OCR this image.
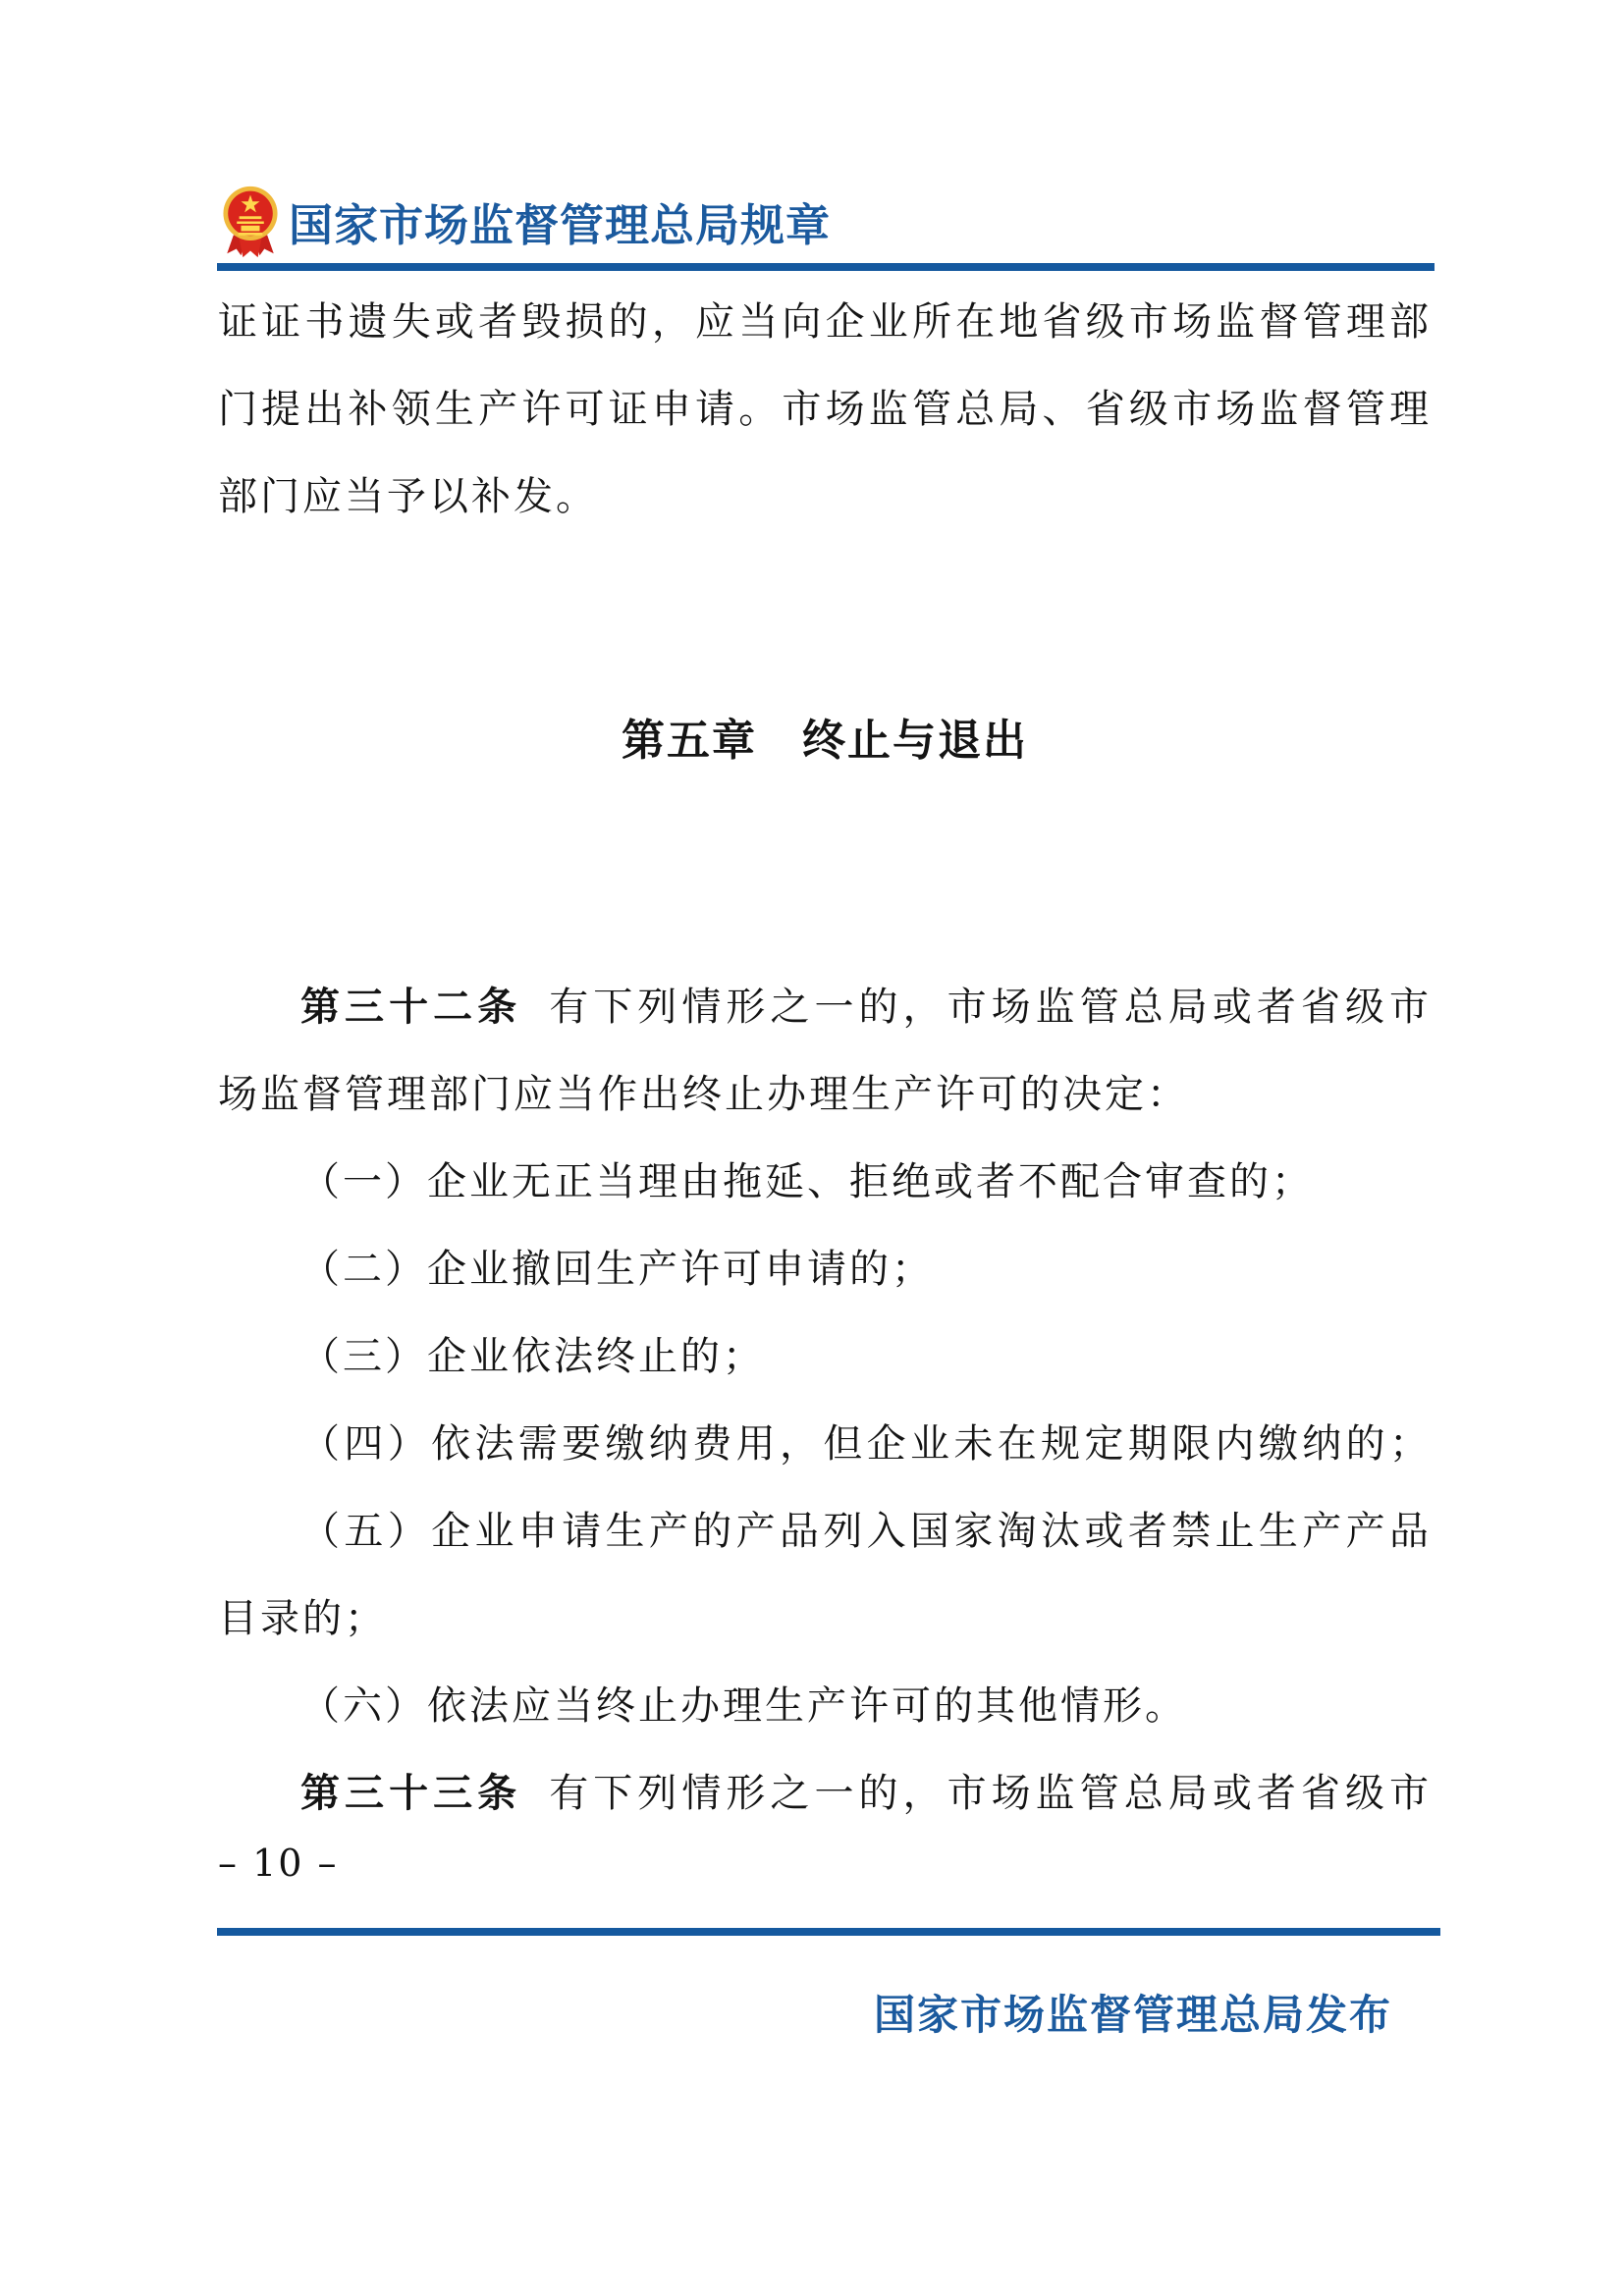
国家市场监督管理总局规章
证证书遗失或者毁损的，应当向企业所在地省级市场监督管理部
门提出补领生产许可证申请。市场监管总局、省级市场监督管理
部门应当予以补发。
第五章　终止与退出
第三十二条 有下列情形之一的，市场监管总局或者省级市
场监督管理部门应当作出终止办理生产许可的决定：
（一）企业无正当理由拖延、拒绝或者不配合审查的；
（二）企业撤回生产许可申请的；
（三）企业依法终止的；
（四）依法需要缴纳费用，但企业未在规定期限内缴纳的；
（五）企业申请生产的产品列入国家淘汰或者禁止生产产品
目录的；
（六）依法应当终止办理生产许可的其他情形。
第三十三条 有下列情形之一的，市场监管总局或者省级市
– 10 –
国家市场监督管理总局发布
